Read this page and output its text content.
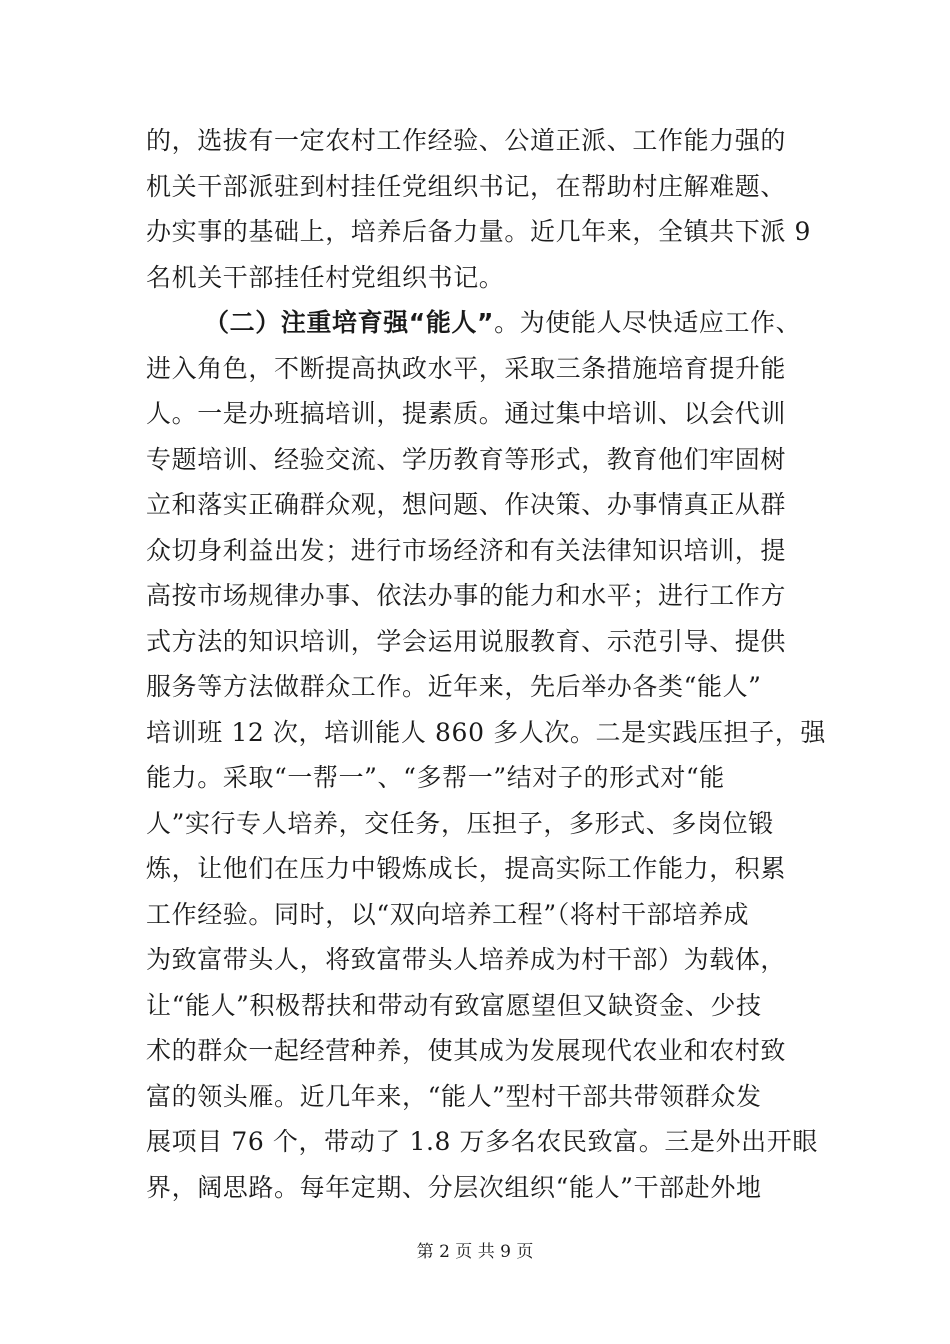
的，选拔有一定农村工作经验、公道正派、工作能力强的
机关干部派驻到村挂任党组织书记，在帮助村庄解难题、
办实事的基础上，培养后备力量。近几年来，全镇共下派 9
名机关干部挂任村党组织书记。
（二）注重培育强“能人”。为使能人尽快适应工作、
进入角色，不断提高执政水平，采取三条措施培育提升能
人。一是办班搞培训，提素质。通过集中培训、以会代训
专题培训、经验交流、学历教育等形式，教育他们牢固树
立和落实正确群众观，想问题、作决策、办事情真正从群
众切身利益出发；进行市场经济和有关法律知识培训，提
高按市场规律办事、依法办事的能力和水平；进行工作方
式方法的知识培训，学会运用说服教育、示范引导、提供
服务等方法做群众工作。近年来，先后举办各类“能人”
培训班 12 次，培训能人 860 多人次。二是实践压担子，强
能力。采取“一帮一”、“多帮一”结对子的形式对“能
人”实行专人培养，交任务，压担子，多形式、多岗位锻
炼，让他们在压力中锻炼成长，提高实际工作能力，积累
工作经验。同时，以“双向培养工程”（将村干部培养成
为致富带头人，将致富带头人培养成为村干部）为载体，
让“能人”积极帮扶和带动有致富愿望但又缺资金、少技
术的群众一起经营种养，使其成为发展现代农业和农村致
富的领头雁。近几年来，“能人”型村干部共带领群众发
展项目 76 个，带动了 1.8 万多名农民致富。三是外出开眼
界，阔思路。每年定期、分层次组织“能人”干部赴外地
第 2 页 共 9 页
